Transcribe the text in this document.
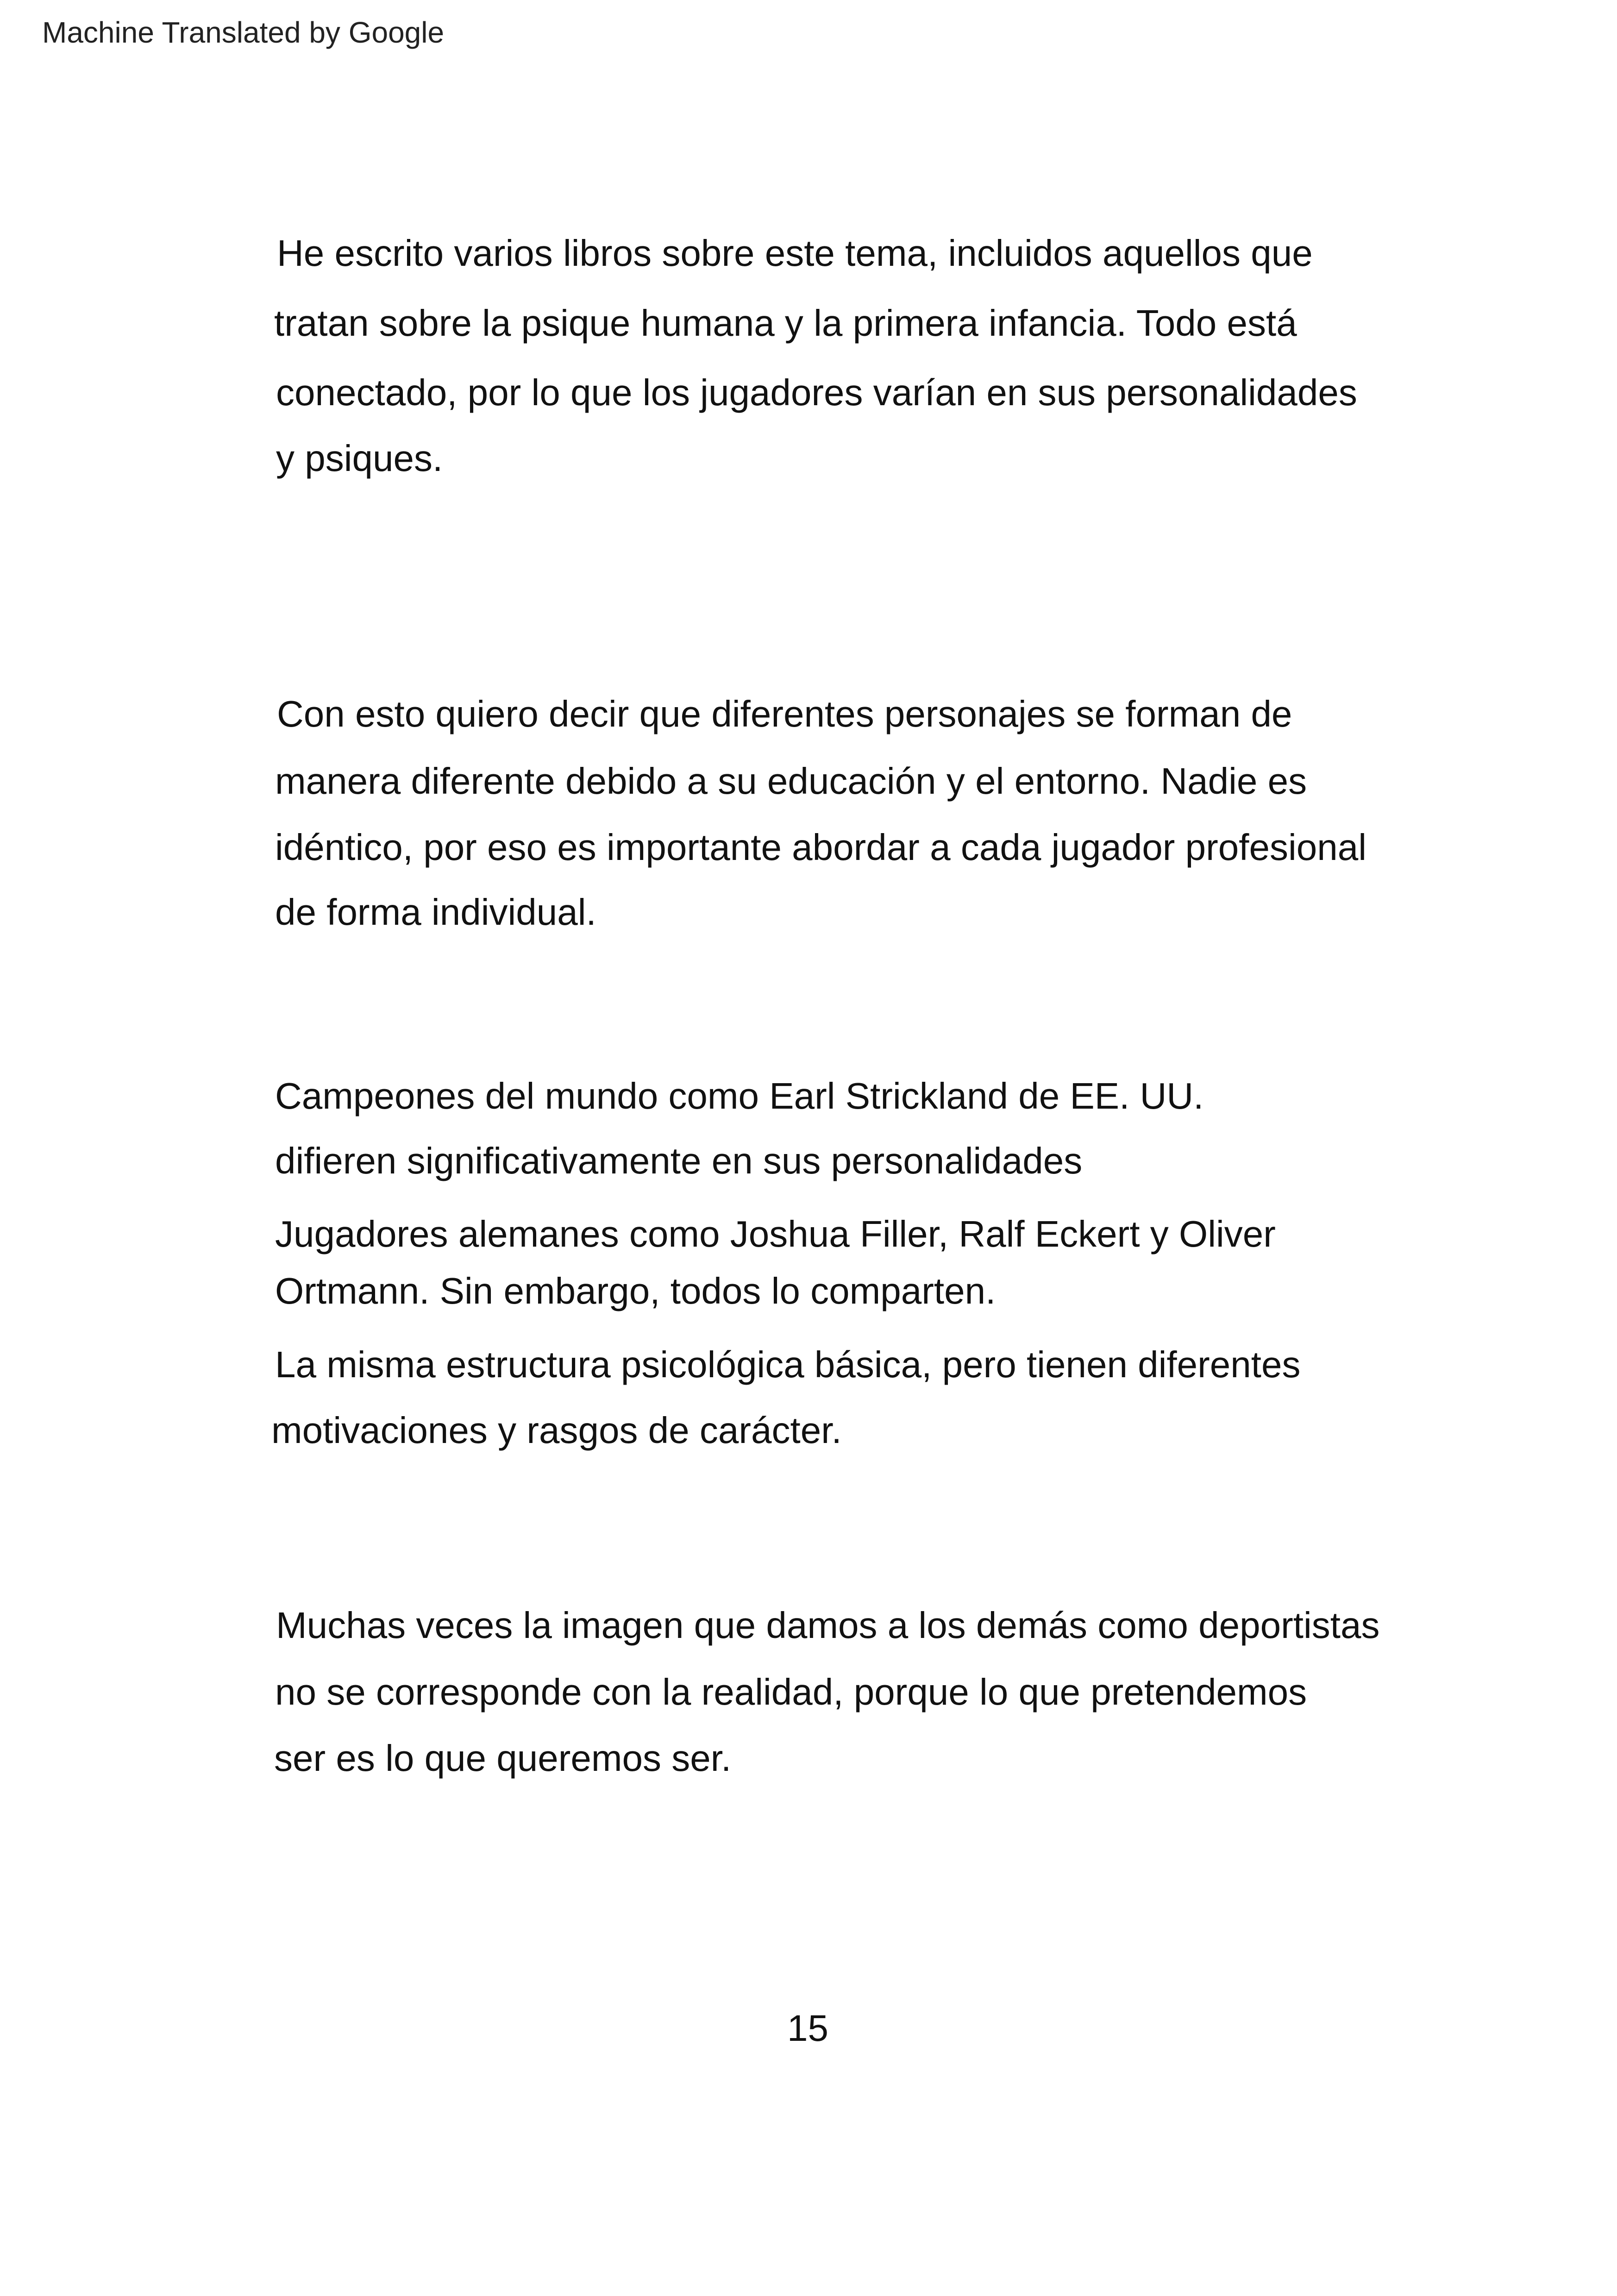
Machine Translated by Google
He escrito varios libros sobre este tema, incluidos aquellos que
tratan sobre la psique humana y la primera infancia. Todo está
conectado, por lo que los jugadores varían en sus personalidades
y psiques.
Con esto quiero decir que diferentes personajes se forman de
manera diferente debido a su educación y el entorno. Nadie es
idéntico, por eso es importante abordar a cada jugador profesional
de forma individual.
Campeones del mundo como Earl Strickland de EE. UU.
difieren significativamente en sus personalidades
Jugadores alemanes como Joshua Filler, Ralf Eckert y Oliver
Ortmann. Sin embargo, todos lo comparten.
La misma estructura psicológica básica, pero tienen diferentes
motivaciones y rasgos de carácter.
Muchas veces la imagen que damos a los demás como deportistas
no se corresponde con la realidad, porque lo que pretendemos
ser es lo que queremos ser.
15
